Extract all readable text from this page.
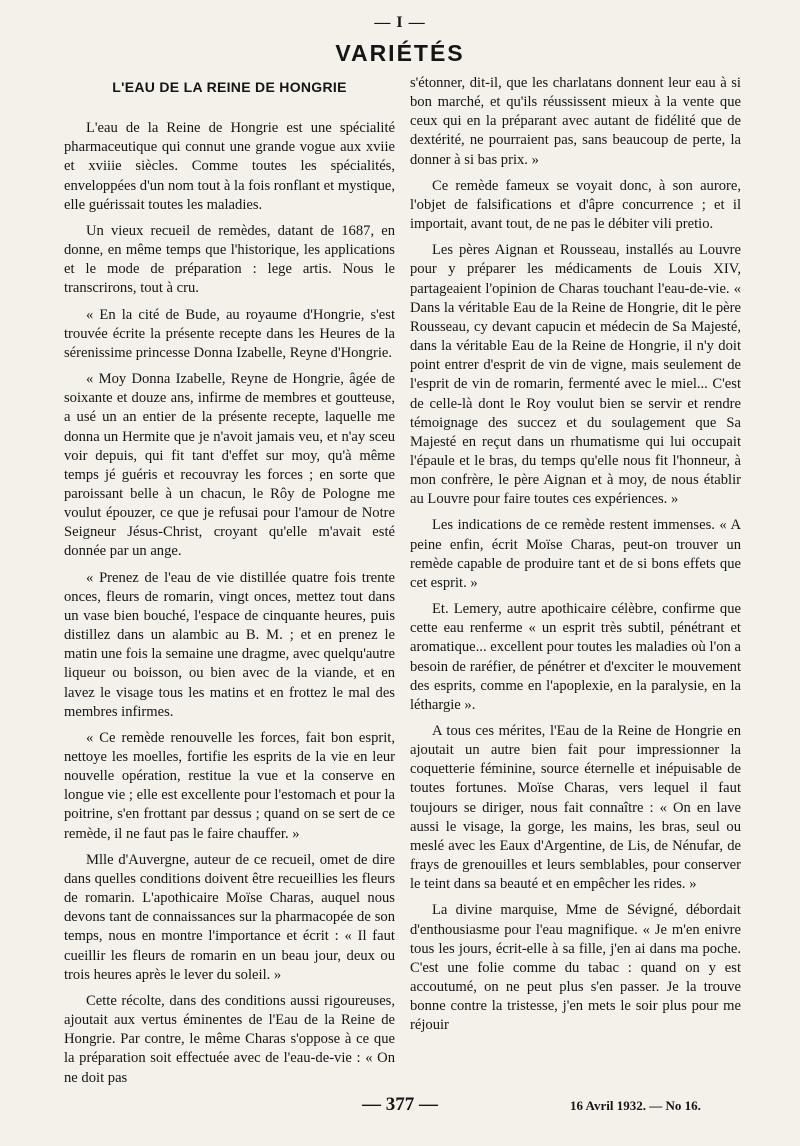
— I —
VARIÉTÉS
L'EAU DE LA REINE DE HONGRIE

L'eau de la Reine de Hongrie est une spécialité pharmaceutique qui connut une grande vogue aux xviie et xviiie siècles. Comme toutes les spécialités, enveloppées d'un nom tout à la fois ronflant et mystique, elle guérissait toutes les maladies.

Un vieux recueil de remèdes, datant de 1687, en donne, en même temps que l'historique, les applications et le mode de préparation : lege artis. Nous le transcrirons, tout à cru.

« En la cité de Bude, au royaume d'Hongrie, s'est trouvée écrite la présente recepte dans les Heures de la sérenissime princesse Donna Izabelle, Reyne d'Hongrie.

« Moy Donna Izabelle, Reyne de Hongrie, âgée de soixante et douze ans, infirme de membres et goutteuse, a usé un an entier de la présente recepte, laquelle me donna un Hermite que je n'avoit jamais veu, et n'ay sceu voir depuis, qui fit tant d'effet sur moy, qu'à même temps jé guéris et recouvray les forces ; en sorte que paroissant belle à un chacun, le Rôy de Pologne me voulut épouzer, ce que je refusai pour l'amour de Notre Seigneur Jésus-Christ, croyant qu'elle m'avait esté donnée par un ange.

« Prenez de l'eau de vie distillée quatre fois trente onces, fleurs de romarin, vingt onces, mettez tout dans un vase bien bouché, l'espace de cinquante heures, puis distillez dans un alambic au B. M. ; et en prenez le matin une fois la semaine une dragme, avec quelqu'autre liqueur ou boisson, ou bien avec de la viande, et en lavez le visage tous les matins et en frottez le mal des membres infirmes.

« Ce remède renouvelle les forces, fait bon esprit, nettoye les moelles, fortifie les esprits de la vie en leur nouvelle opération, restitue la vue et la conserve en longue vie ; elle est excellente pour l'estomach et pour la poitrine, s'en frottant par dessus ; quand on se sert de ce remède, il ne faut pas le faire chauffer. »

Mlle d'Auvergne, auteur de ce recueil, omet de dire dans quelles conditions doivent être recueillies les fleurs de romarin. L'apothicaire Moïse Charas, auquel nous devons tant de connaissances sur la pharmacopée de son temps, nous en montre l'importance et écrit : « Il faut cueillir les fleurs de romarin en un beau jour, deux ou trois heures après le lever du soleil. »

Cette récolte, dans des conditions aussi rigoureuses, ajoutait aux vertus éminentes de l'Eau de la Reine de Hongrie. Par contre, le même Charas s'oppose à ce que la préparation soit effectuée avec de l'eau-de-vie : « On ne doit pas

s'étonner, dit-il, que les charlatans donnent leur eau à si bon marché, et qu'ils réussissent mieux à la vente que ceux qui en la préparant avec autant de fidélité que de dextérité, ne pourraient pas, sans beaucoup de perte, la donner à si bas prix. »

Ce remède fameux se voyait donc, à son aurore, l'objet de falsifications et d'âpre concurrence ; et il importait, avant tout, de ne pas le débiter vili pretio.

Les pères Aignan et Rousseau, installés au Louvre pour y préparer les médicaments de Louis XIV, partageaient l'opinion de Charas touchant l'eau-de-vie. « Dans la véritable Eau de la Reine de Hongrie, dit le père Rousseau, cy devant capucin et médecin de Sa Majesté, dans la véritable Eau de la Reine de Hongrie, il n'y doit point entrer d'esprit de vin de vigne, mais seulement de l'esprit de vin de romarin, fermenté avec le miel... C'est de celle-là dont le Roy voulut bien se servir et rendre témoignage des succez et du soulagement que Sa Majesté en reçut dans un rhumatisme qui lui occupait l'épaule et le bras, du temps qu'elle nous fit l'honneur, à mon confrère, le père Aignan et à moy, de nous établir au Louvre pour faire toutes ces expériences. »

Les indications de ce remède restent immenses. « A peine enfin, écrit Moïse Charas, peut-on trouver un remède capable de produire tant et de si bons effets que cet esprit. »

Et. Lemery, autre apothicaire célèbre, confirme que cette eau renferme « un esprit très subtil, pénétrant et aromatique... excellent pour toutes les maladies où l'on a besoin de raréfier, de pénétrer et d'exciter le mouvement des esprits, comme en l'apoplexie, en la paralysie, en la léthargie ».

A tous ces mérites, l'Eau de la Reine de Hongrie en ajoutait un autre bien fait pour impressionner la coquetterie féminine, source éternelle et inépuisable de toutes fortunes. Moïse Charas, vers lequel il faut toujours se diriger, nous fait connaître : « On en lave aussi le visage, la gorge, les mains, les bras, seul ou meslé avec les Eaux d'Argentine, de Lis, de Nénufar, de frays de grenouilles et leurs semblables, pour conserver le teint dans sa beauté et en empêcher les rides. »

La divine marquise, Mme de Sévigné, débordait d'enthousiasme pour l'eau magnifique. « Je m'en enivre tous les jours, écrit-elle à sa fille, j'en ai dans ma poche. C'est une folie comme du tabac : quand on y est accoutumé, on ne peut plus s'en passer. Je la trouve bonne contre la tristesse, j'en mets le soir plus pour me réjouir

— 377 —	16 Avril 1932. — No 16.
